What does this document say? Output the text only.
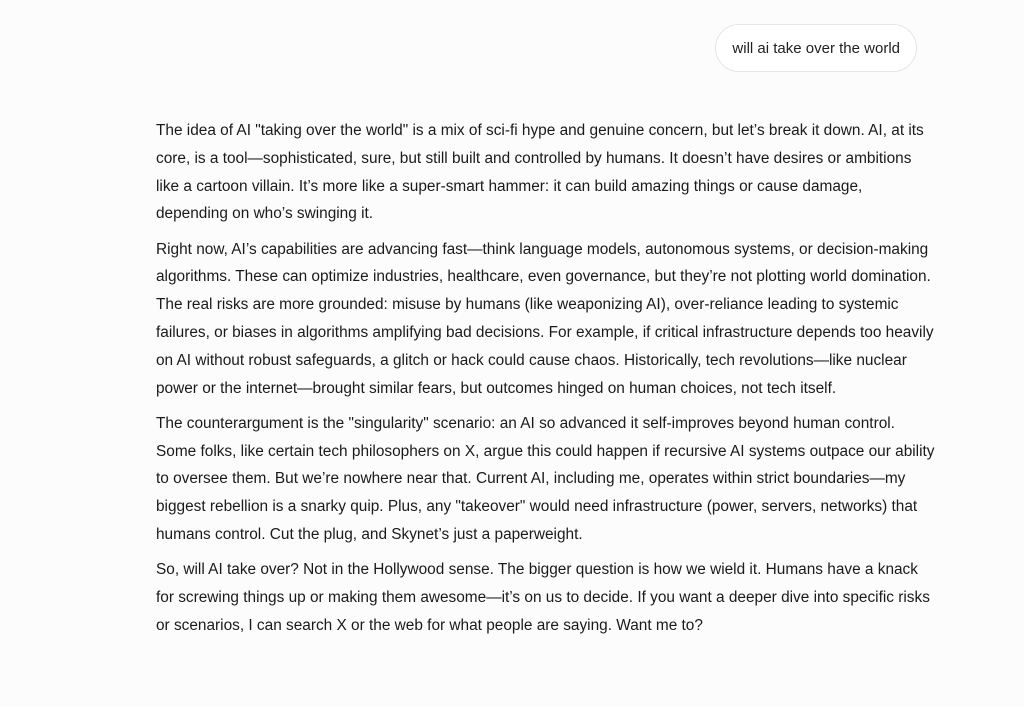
will ai take over the world

The idea of AI "taking over the world" is a mix of sci-fi hype and genuine concern, but let’s break it down. AI, at its core, is a tool—sophisticated, sure, but still built and controlled by humans. It doesn’t have desires or ambitions like a cartoon villain. It’s more like a super-smart hammer: it can build amazing things or cause damage, depending on who’s swinging it.

Right now, AI’s capabilities are advancing fast—think language models, autonomous systems, or decision-making algorithms. These can optimize industries, healthcare, even governance, but they’re not plotting world domination. The real risks are more grounded: misuse by humans (like weaponizing AI), over-reliance leading to systemic failures, or biases in algorithms amplifying bad decisions. For example, if critical infrastructure depends too heavily on AI without robust safeguards, a glitch or hack could cause chaos. Historically, tech revolutions—like nuclear power or the internet—brought similar fears, but outcomes hinged on human choices, not tech itself.

The counterargument is the "singularity" scenario: an AI so advanced it self-improves beyond human control. Some folks, like certain tech philosophers on X, argue this could happen if recursive AI systems outpace our ability to oversee them. But we’re nowhere near that. Current AI, including me, operates within strict boundaries—my biggest rebellion is a snarky quip. Plus, any "takeover" would need infrastructure (power, servers, networks) that humans control. Cut the plug, and Skynet’s just a paperweight.

So, will AI take over? Not in the Hollywood sense. The bigger question is how we wield it. Humans have a knack for screwing things up or making them awesome—it’s on us to decide. If you want a deeper dive into specific risks or scenarios, I can search X or the web for what people are saying. Want me to?
